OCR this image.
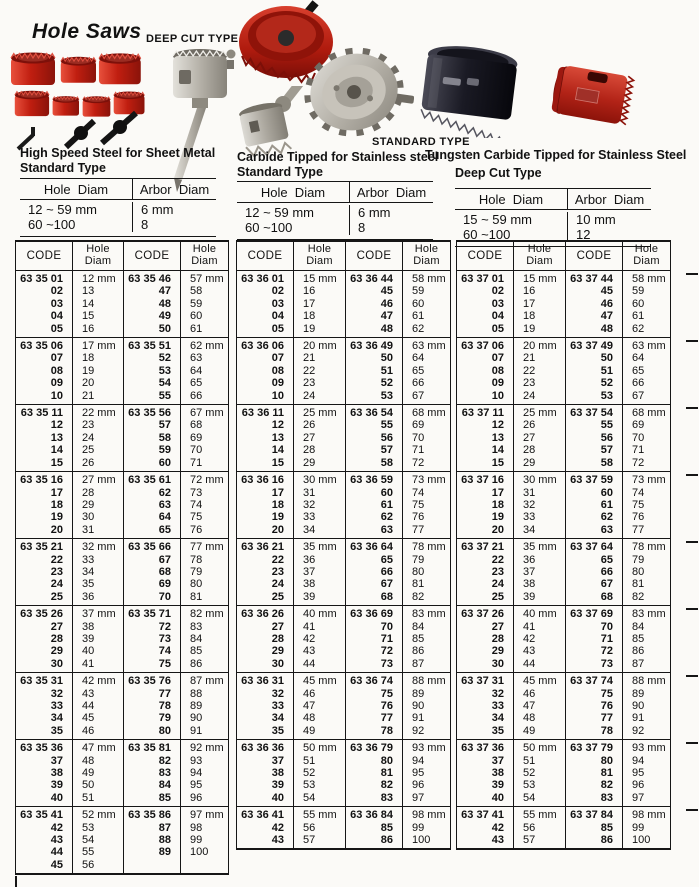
Hole Saws DEEP CUT TYPE
STANDARD TYPE
High Speed Steel for Sheet Metal
Standard Type
Carbide Tipped for Stainless steel
Standard Type
Tungsten Carbide Tipped for Stainless Steel
Deep Cut Type
Hole  Diam	Arbor  Diam
12 ~ 59 mm	6 mm
60 ~100	8
Hole  Diam	Arbor  Diam
12 ~ 59 mm	6 mm
60 ~100	8
Hole  Diam	Arbor  Diam
15 ~ 59 mm	10 mm
60 ~100	12
CODE	Hole
Diam	CODE	Hole
Diam

63 35 01	12 mm	63 35 46	57 mm
02	13	47	58
03	14	48	59
04	15	49	60
05	16	50	61
63 35 06	17 mm	63 35 51	62 mm
07	18	52	63
08	19	53	64
09	20	54	65
10	21	55	66
63 35 11	22 mm	63 35 56	67 mm
12	23	57	68
13	24	58	69
14	25	59	70
15	26	60	71
63 35 16	27 mm	63 35 61	72 mm
17	28	62	73
18	29	63	74
19	30	64	75
20	31	65	76
63 35 21	32 mm	63 35 66	77 mm
22	33	67	78
23	34	68	79
24	35	69	80
25	36	70	81
63 35 26	37 mm	63 35 71	82 mm
27	38	72	83
28	39	73	84
29	40	74	85
30	41	75	86
63 35 31	42 mm	63 35 76	87 mm
32	43	77	88
33	44	78	89
34	45	79	90
35	46	80	91
63 35 36	47 mm	63 35 81	92 mm
37	48	82	93
38	49	83	94
39	50	84	95
40	51	85	96
63 35 41	52 mm	63 35 86	97 mm
42	53	87	98
43	54	88	99
44	55	89	100
45	56		
CODE	Hole
Diam	CODE	Hole
Diam

63 36 01	15 mm	63 36 44	58 mm
02	16	45	59
03	17	46	60
04	18	47	61
05	19	48	62
63 36 06	20 mm	63 36 49	63 mm
07	21	50	64
08	22	51	65
09	23	52	66
10	24	53	67
63 36 11	25 mm	63 36 54	68 mm
12	26	55	69
13	27	56	70
14	28	57	71
15	29	58	72
63 36 16	30 mm	63 36 59	73 mm
17	31	60	74
18	32	61	75
19	33	62	76
20	34	63	77
63 36 21	35 mm	63 36 64	78 mm
22	36	65	79
23	37	66	80
24	38	67	81
25	39	68	82
63 36 26	40 mm	63 36 69	83 mm
27	41	70	84
28	42	71	85
29	43	72	86
30	44	73	87
63 36 31	45 mm	63 36 74	88 mm
32	46	75	89
33	47	76	90
34	48	77	91
35	49	78	92
63 36 36	50 mm	63 36 79	93 mm
37	51	80	94
38	52	81	95
39	53	82	96
40	54	83	97
63 36 41	55 mm	63 36 84	98 mm
42	56	85	99
43	57	86	100
CODE	Hole
Diam	CODE	Hole
Diam

63 37 01	15 mm	63 37 44	58 mm
02	16	45	59
03	17	46	60
04	18	47	61
05	19	48	62
63 37 06	20 mm	63 37 49	63 mm
07	21	50	64
08	22	51	65
09	23	52	66
10	24	53	67
63 37 11	25 mm	63 37 54	68 mm
12	26	55	69
13	27	56	70
14	28	57	71
15	29	58	72
63 37 16	30 mm	63 37 59	73 mm
17	31	60	74
18	32	61	75
19	33	62	76
20	34	63	77
63 37 21	35 mm	63 37 64	78 mm
22	36	65	79
23	37	66	80
24	38	67	81
25	39	68	82
63 37 26	40 mm	63 37 69	83 mm
27	41	70	84
28	42	71	85
29	43	72	86
30	44	73	87
63 37 31	45 mm	63 37 74	88 mm
32	46	75	89
33	47	76	90
34	48	77	91
35	49	78	92
63 37 36	50 mm	63 37 79	93 mm
37	51	80	94
38	52	81	95
39	53	82	96
40	54	83	97
63 37 41	55 mm	63 37 84	98 mm
42	56	85	99
43	57	86	100
